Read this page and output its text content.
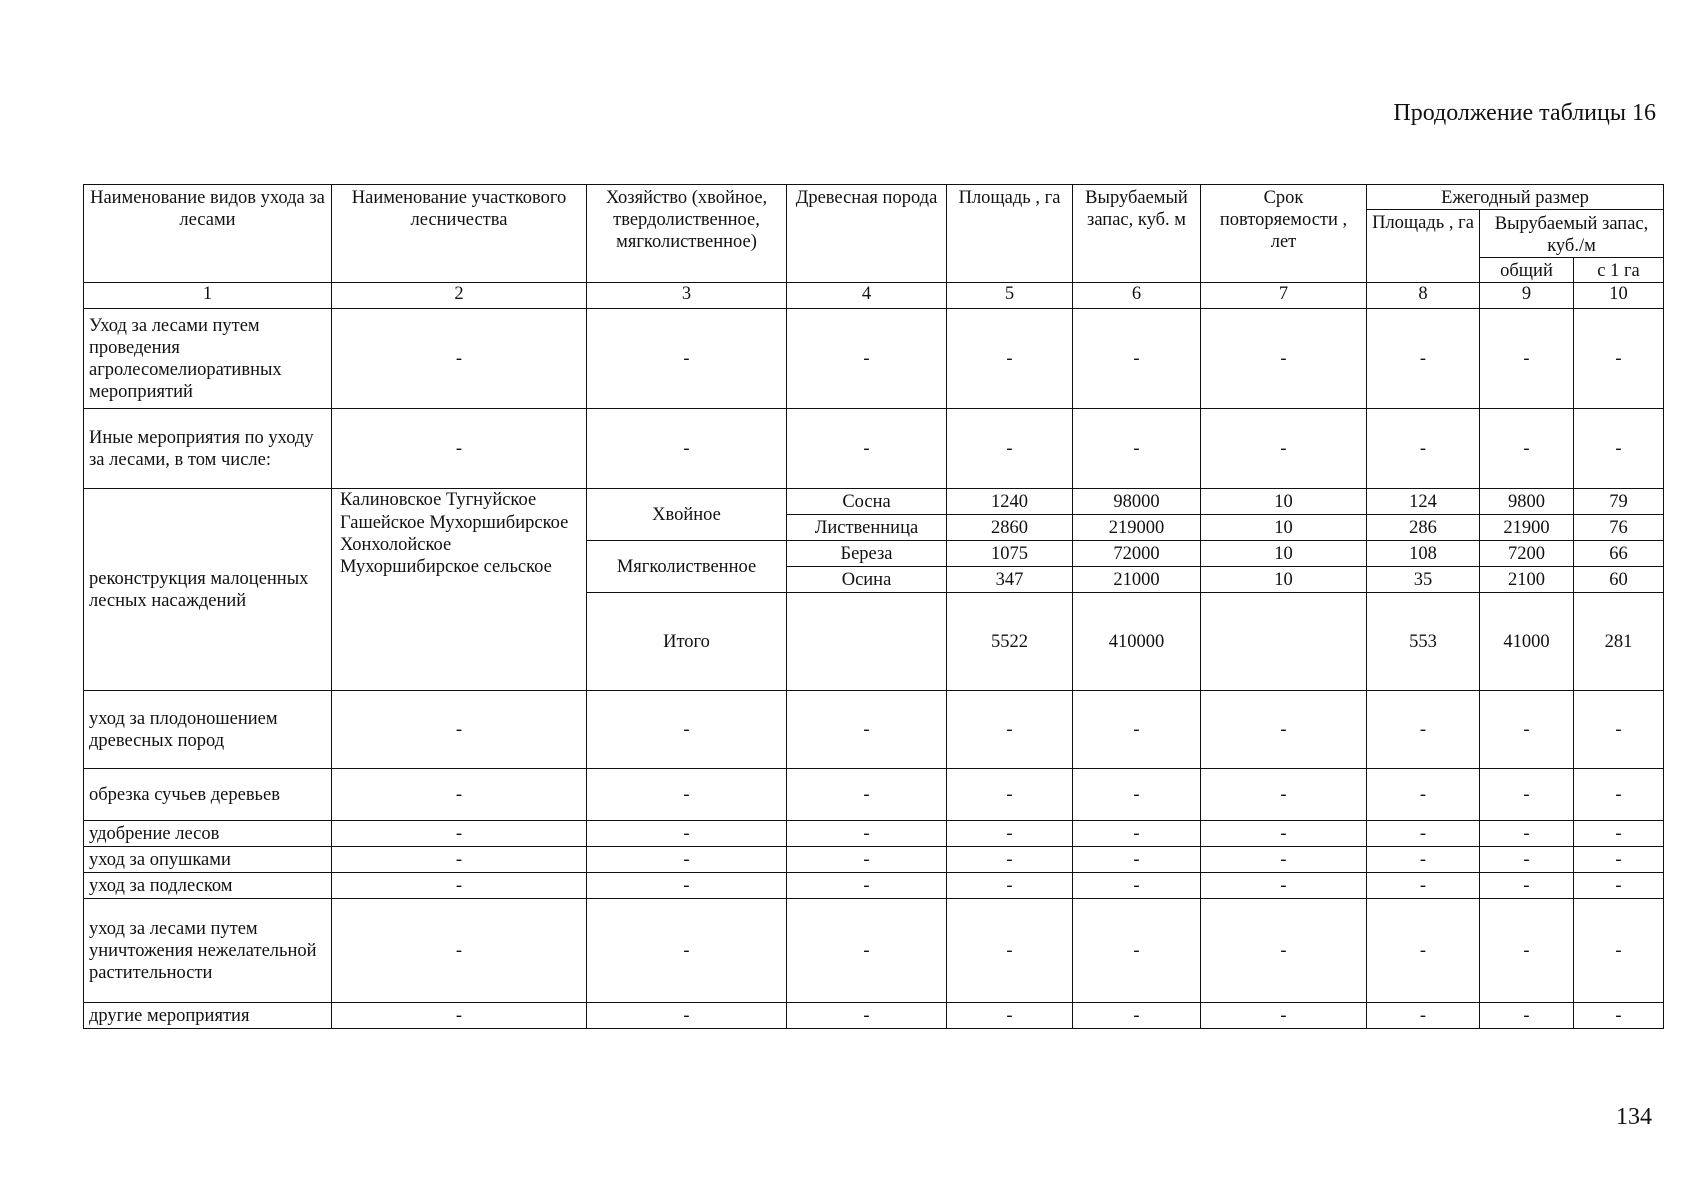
Продолжение таблицы 16
Наименование видов ухода за лесами	Наименование участкового лесничества	Хозяйство (хвойное, твердолиственное, мягколиственное)	Древесная порода	Площадь , га	Вырубаемый запас, куб. м	Срок повторяемости , лет	Ежегодный размер		
							Площадь , га	Вырубаемый запас, куб./м	
								общий	с 1 га
1	2	3	4	5	6	7	8	9	10
Уход за лесами путем проведения агролесомелиоративных мероприятий	-	-	-	-	-	-	-	-	-
Иные мероприятия по уходу за лесами, в том числе:	-	-	-	-	-	-	-	-	-
реконструкция малоценных лесных насаждений	Калиновское Тугнуйское Гашейское Мухоршибирское Хонхолойское Мухоршибирское сельское	Хвойное	Сосна	1240	98000	10	124	9800	79
			Лиственница	2860	219000	10	286	21900	76
		Мягколиственное	Береза	1075	72000	10	108	7200	66
			Осина	347	21000	10	35	2100	60
		Итого		5522	410000		553	41000	281
уход за плодоношением древесных пород	-	-	-	-	-	-	-	-	-
обрезка сучьев деревьев	-	-	-	-	-	-	-	-	-
удобрение лесов	-	-	-	-	-	-	-	-	-
уход за опушками	-	-	-	-	-	-	-	-	-
уход за подлеском	-	-	-	-	-	-	-	-	-
уход за лесами путем уничтожения нежелательной растительности	-	-	-	-	-	-	-	-	-
другие мероприятия	-	-	-	-	-	-	-	-	-
134
